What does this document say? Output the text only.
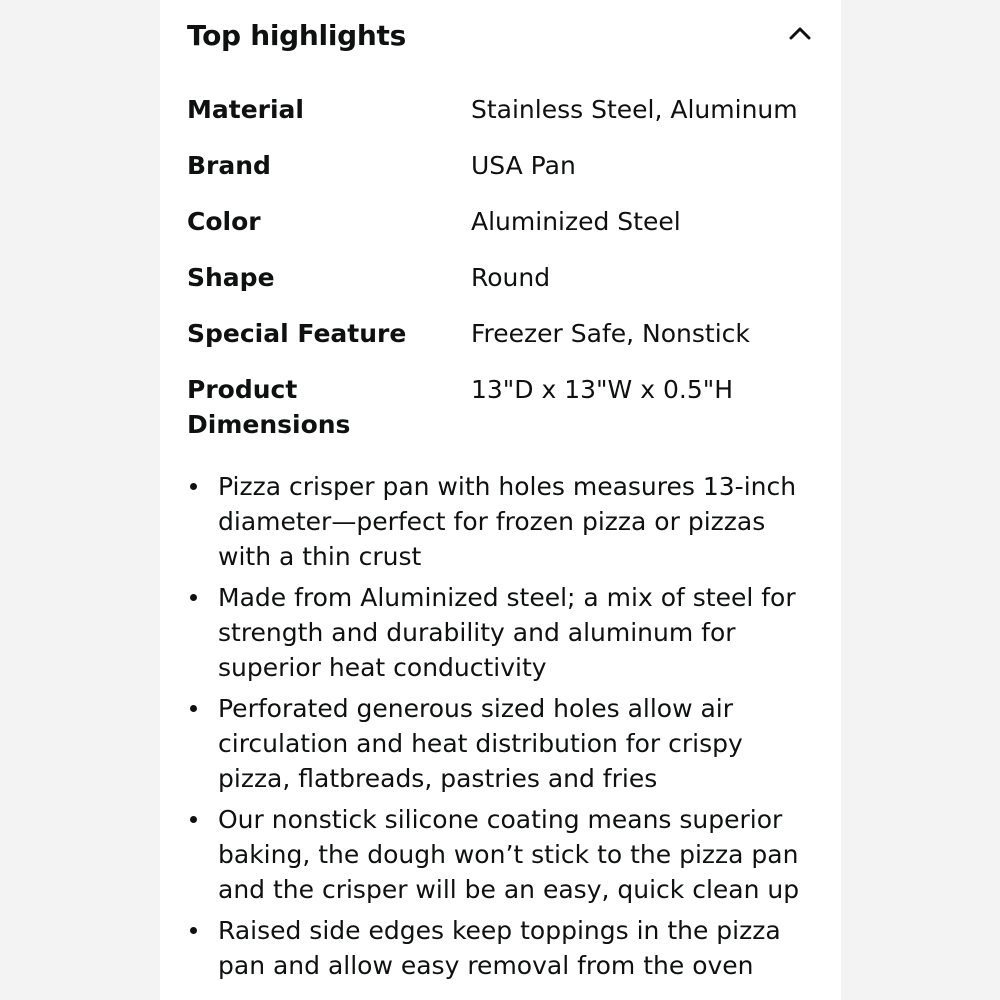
Top highlights
Material	Stainless Steel, Aluminum
Brand	USA Pan
Color	Aluminized Steel
Shape	Round
Special Feature	Freezer Safe, Nonstick
Product Dimensions	13"D x 13"W x 0.5"H
Pizza crisper pan with holes measures 13-inch diameter—perfect for frozen pizza or pizzas with a thin crust
Made from Aluminized steel; a mix of steel for strength and durability and aluminum for superior heat conductivity
Perforated generous sized holes allow air circulation and heat distribution for crispy pizza, flatbreads, pastries and fries
Our nonstick silicone coating means superior baking, the dough won’t stick to the pizza pan and the crisper will be an easy, quick clean up
Raised side edges keep toppings in the pizza pan and allow easy removal from the oven
